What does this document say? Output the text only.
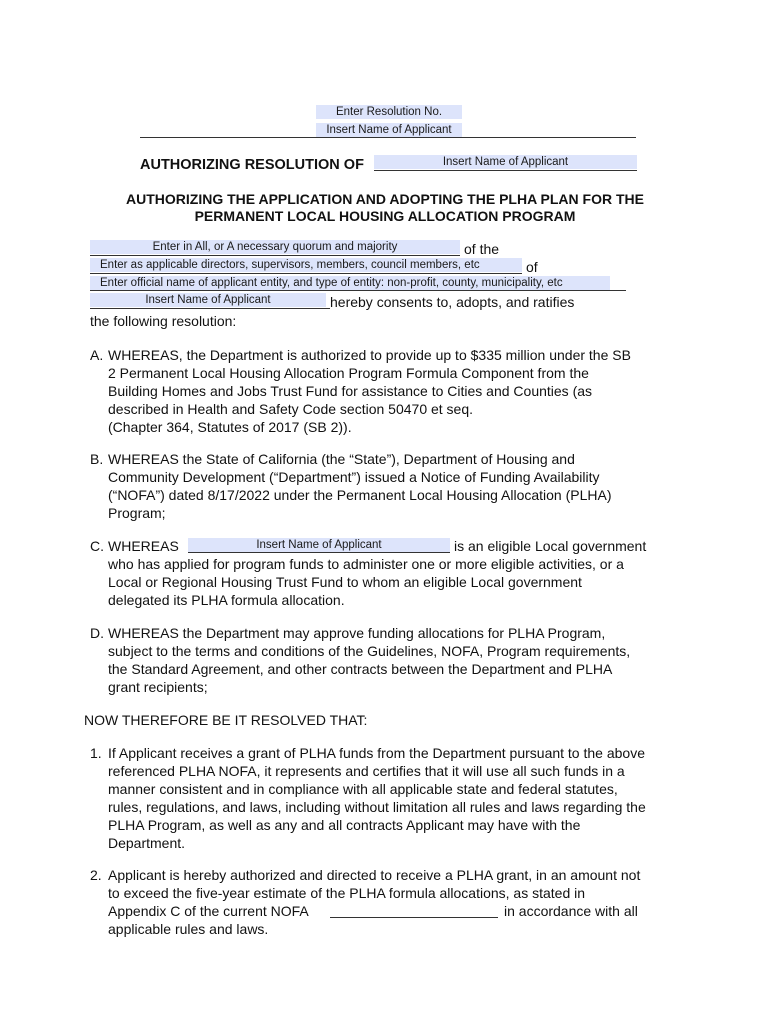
Enter Resolution No.
Insert Name of Applicant
AUTHORIZING RESOLUTION OF	Insert Name of Applicant
AUTHORIZING THE APPLICATION AND ADOPTING THE PLHA PLAN FOR THE
PERMANENT LOCAL HOUSING ALLOCATION PROGRAM
Enter in All, or A necessary quorum and majority	of the
Enter as applicable directors, supervisors, members, council members, etc	of
Enter official name of applicant entity, and type of entity: non-profit, county, municipality, etc
Insert Name of Applicant	hereby consents to, adopts, and ratifies
the following resolution:
A. WHEREAS, the Department is authorized to provide up to $335 million under the SB
2 Permanent Local Housing Allocation Program Formula Component from the
Building Homes and Jobs Trust Fund for assistance to Cities and Counties (as
described in Health and Safety Code section 50470 et seq.
(Chapter 364, Statutes of 2017 (SB 2)).
B. WHEREAS the State of California (the “State”), Department of Housing and
Community Development (“Department”) issued a Notice of Funding Availability
(“NOFA”) dated 8/17/2022 under the Permanent Local Housing Allocation (PLHA)
Program;
C. WHEREAS	Insert Name of Applicant	is an eligible Local government
who has applied for program funds to administer one or more eligible activities, or a
Local or Regional Housing Trust Fund to whom an eligible Local government
delegated its PLHA formula allocation.
D. WHEREAS the Department may approve funding allocations for PLHA Program,
subject to the terms and conditions of the Guidelines, NOFA, Program requirements,
the Standard Agreement, and other contracts between the Department and PLHA
grant recipients;
NOW THEREFORE BE IT RESOLVED THAT:
1. If Applicant receives a grant of PLHA funds from the Department pursuant to the above
referenced PLHA NOFA, it represents and certifies that it will use all such funds in a
manner consistent and in compliance with all applicable state and federal statutes,
rules, regulations, and laws, including without limitation all rules and laws regarding the
PLHA Program, as well as any and all contracts Applicant may have with the
Department.
2. Applicant is hereby authorized and directed to receive a PLHA grant, in an amount not
to exceed the five-year estimate of the PLHA formula allocations, as stated in
Appendix C of the current NOFA	in accordance with all
applicable rules and laws.
